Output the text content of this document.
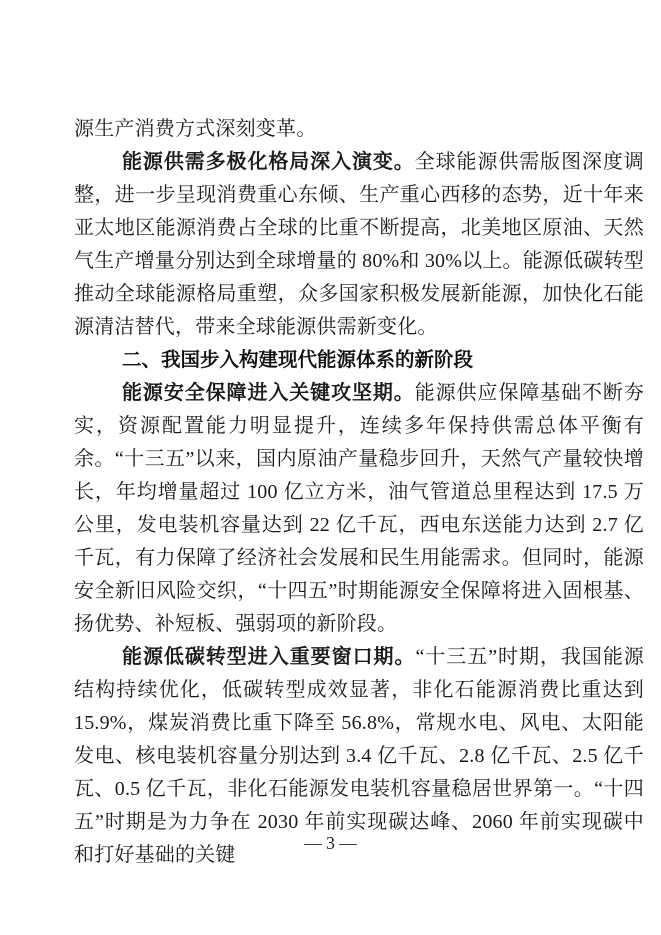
源生产消费方式深刻变革。

能源供需多极化格局深入演变。全球能源供需版图深度调整，进一步呈现消费重心东倾、生产重心西移的态势，近十年来亚太地区能源消费占全球的比重不断提高，北美地区原油、天然气生产增量分别达到全球增量的 80%和 30%以上。能源低碳转型推动全球能源格局重塑，众多国家积极发展新能源，加快化石能源清洁替代，带来全球能源供需新变化。

二、我国步入构建现代能源体系的新阶段

能源安全保障进入关键攻坚期。能源供应保障基础不断夯实，资源配置能力明显提升，连续多年保持供需总体平衡有余。“十三五”以来，国内原油产量稳步回升，天然气产量较快增长，年均增量超过 100 亿立方米，油气管道总里程达到 17.5 万公里，发电装机容量达到 22 亿千瓦，西电东送能力达到 2.7 亿千瓦，有力保障了经济社会发展和民生用能需求。但同时，能源安全新旧风险交织，“十四五”时期能源安全保障将进入固根基、扬优势、补短板、强弱项的新阶段。

能源低碳转型进入重要窗口期。“十三五”时期，我国能源结构持续优化，低碳转型成效显著，非化石能源消费比重达到 15.9%，煤炭消费比重下降至 56.8%，常规水电、风电、太阳能发电、核电装机容量分别达到 3.4 亿千瓦、2.8 亿千瓦、2.5 亿千瓦、0.5 亿千瓦，非化石能源发电装机容量稳居世界第一。“十四五”时期是为力争在 2030 年前实现碳达峰、2060 年前实现碳中和打好基础的关键

— 3 —
